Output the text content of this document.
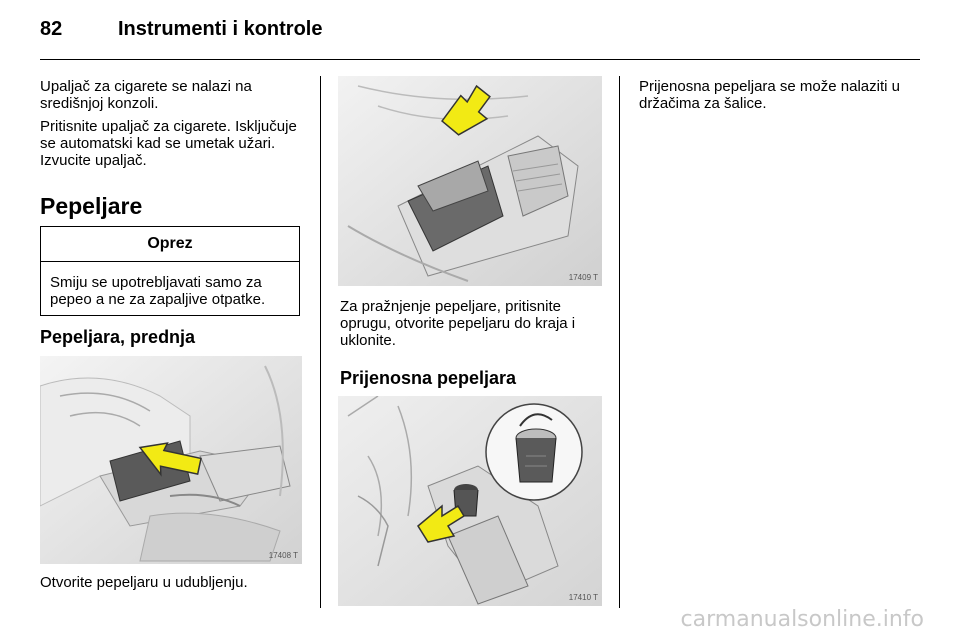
82	Instrumenti i kontrole

Upaljač za cigarete se nalazi na središnjoj konzoli.

Pritisnite upaljač za cigarete. Isključuje se automatski kad se umetak užari. Izvucite upaljač.

Pepeljare
Oprez
Smiju se upotrebljavati samo za pepeo a ne za zapaljive otpatke.
Pepeljara, prednja
17408 T

Otvorite pepeljaru u udubljenju.

17409 T

Za pražnjenje pepeljare, pritisnite oprugu, otvorite pepeljaru do kraja i uklonite.

Prijenosna pepeljara
17410 T

Prijenosna pepeljara se može nalaziti u držačima za šalice.

carmanualsonline.info
